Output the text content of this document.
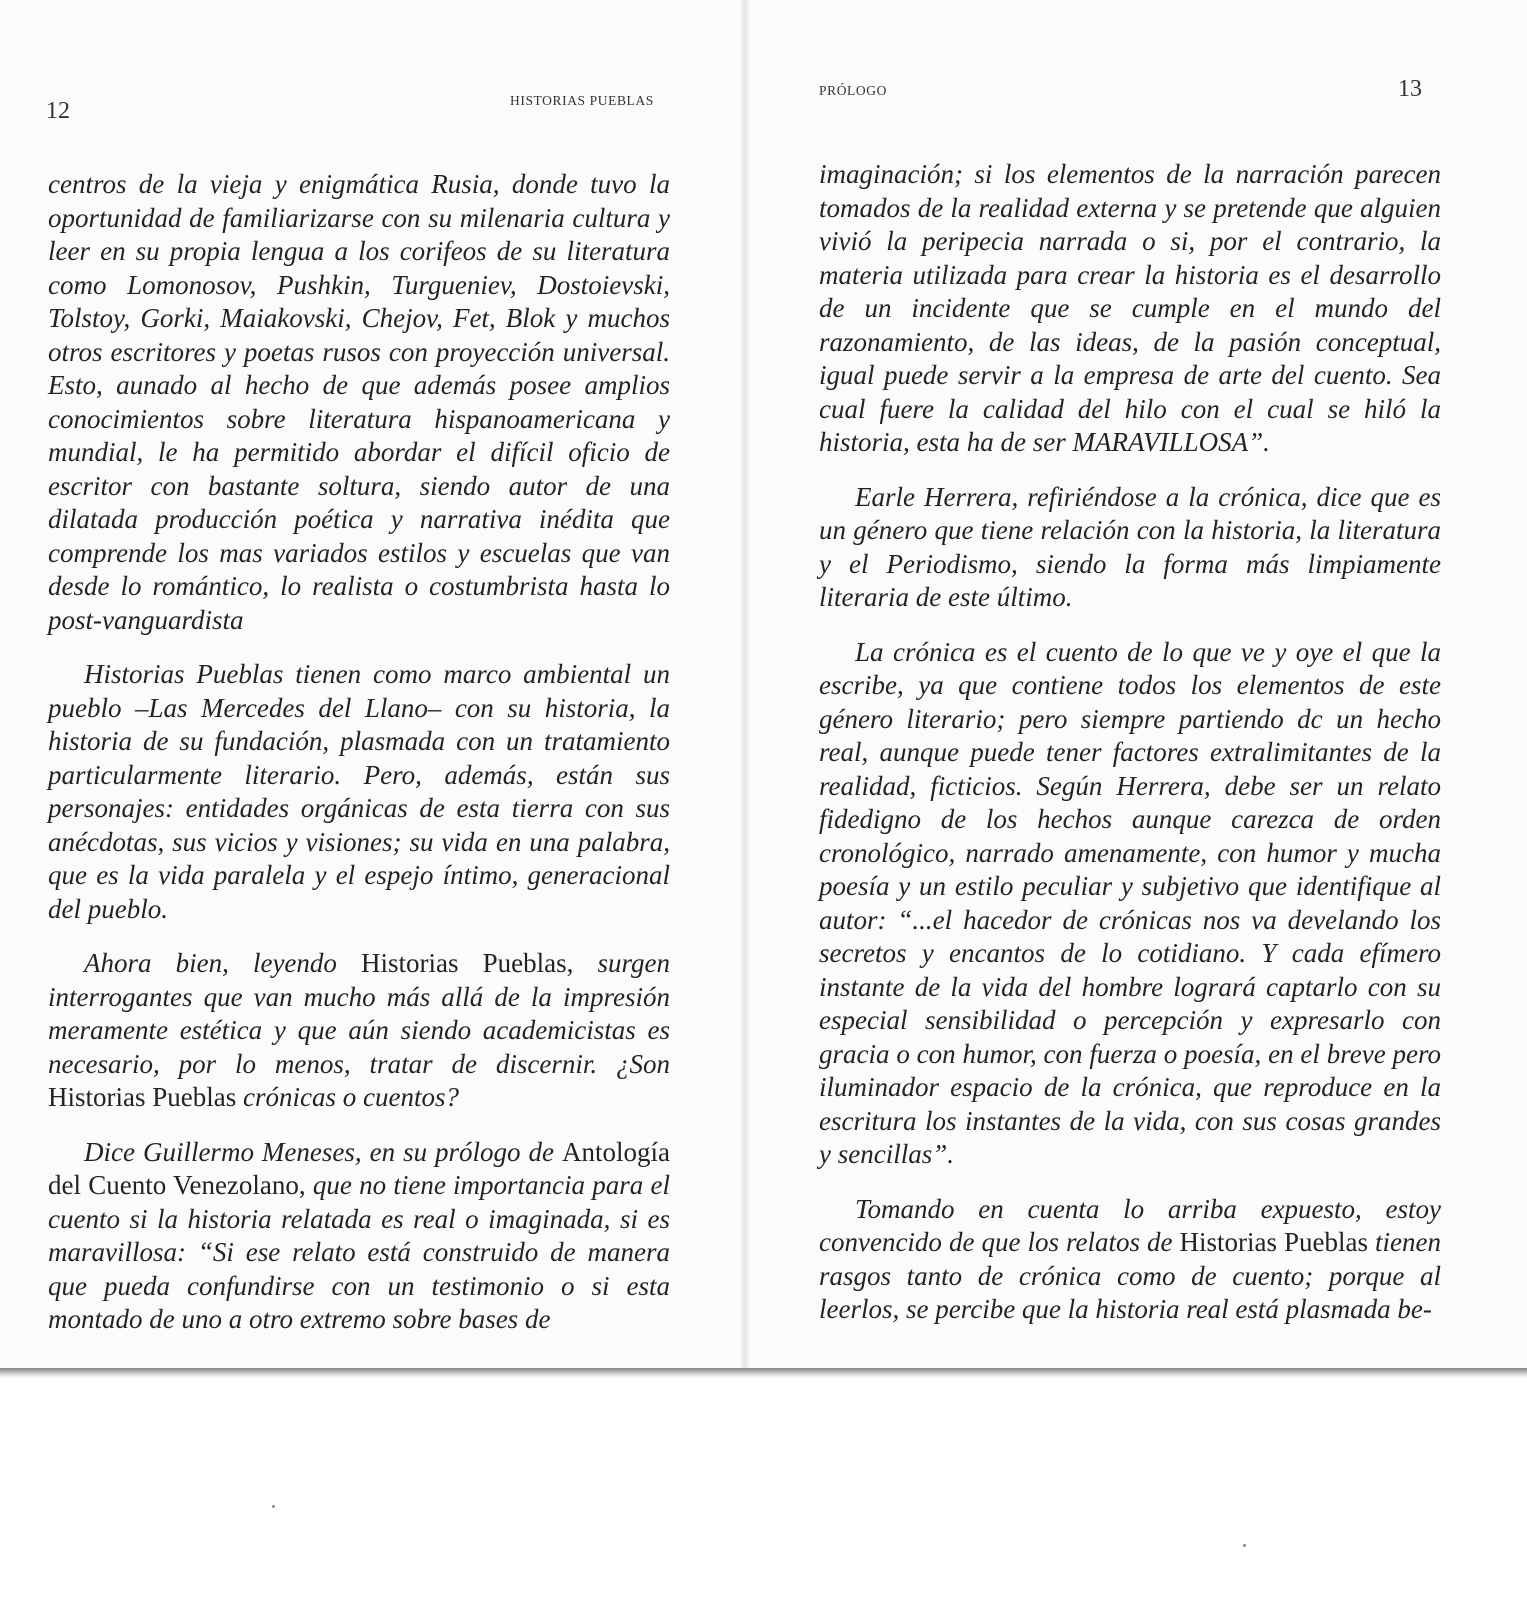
12	HISTORIAS PUEBLAS

centros de la vieja y enigmática Rusia, donde tuvo la oportunidad de familiarizarse con su milenaria cultura y leer en su propia lengua a los corifeos de su literatura como Lomonosov, Pushkin, Turgueniev, Dostoievski, Tolstoy, Gorki, Maiakovski, Chejov, Fet, Blok y muchos otros escritores y poetas rusos con proyección universal. Esto, aunado al hecho de que además posee amplios conocimientos sobre literatura hispanoamericana y mundial, le ha permitido abordar el difícil oficio de escritor con bastante soltura, siendo autor de una dilatada producción poética y narrativa inédita que comprende los mas variados estilos y escuelas que van desde lo romántico, lo realista o costumbrista hasta lo post-vanguardista

Historias Pueblas tienen como marco ambiental un pueblo –Las Mercedes del Llano– con su historia, la historia de su fundación, plasmada con un tratamiento particularmente literario. Pero, además, están sus personajes: entidades orgánicas de esta tierra con sus anécdotas, sus vicios y visiones; su vida en una palabra, que es la vida paralela y el espejo íntimo, generacional del pueblo.

Ahora bien, leyendo Historias Pueblas, surgen interrogantes que van mucho más allá de la impresión meramente estética y que aún siendo academicistas es necesario, por lo menos, tratar de discernir. ¿Son Historias Pueblas crónicas o cuentos?

Dice Guillermo Meneses, en su prólogo de Antología del Cuento Venezolano, que no tiene importancia para el cuento si la historia relatada es real o imaginada, si es maravillosa: “Si ese relato está construido de manera que pueda confundirse con un testimonio o si esta montado de uno a otro extremo sobre bases de

PRÓLOGO	13

imaginación; si los elementos de la narración parecen tomados de la realidad externa y se pretende que alguien vivió la peripecia narrada o si, por el contrario, la materia utilizada para crear la historia es el desarrollo de un incidente que se cumple en el mundo del razonamiento, de las ideas, de la pasión conceptual, igual puede servir a la empresa de arte del cuento. Sea cual fuere la calidad del hilo con el cual se hiló la historia, esta ha de ser MARAVILLOSA”.

Earle Herrera, refiriéndose a la crónica, dice que es un género que tiene relación con la historia, la literatura y el Periodismo, siendo la forma más limpiamente literaria de este último.

La crónica es el cuento de lo que ve y oye el que la escribe, ya que contiene todos los elementos de este género literario; pero siempre partiendo dc un hecho real, aunque puede tener factores extralimitantes de la realidad, ficticios. Según Herrera, debe ser un relato fidedigno de los hechos aunque carezca de orden cronológico, narrado amenamente, con humor y mucha poesía y un estilo peculiar y subjetivo que identifique al autor: “...el hacedor de crónicas nos va develando los secretos y encantos de lo cotidiano. Y cada efímero instante de la vida del hombre logrará captarlo con su especial sensibilidad o percepción y expresarlo con gracia o con humor, con fuerza o poesía, en el breve pero iluminador espacio de la crónica, que reproduce en la escritura los instantes de la vida, con sus cosas grandes y sencillas”.

Tomando en cuenta lo arriba expuesto, estoy convencido de que los relatos de Historias Pueblas tienen rasgos tanto de crónica como de cuento; porque al leerlos, se percibe que la historia real está plasmada be-
